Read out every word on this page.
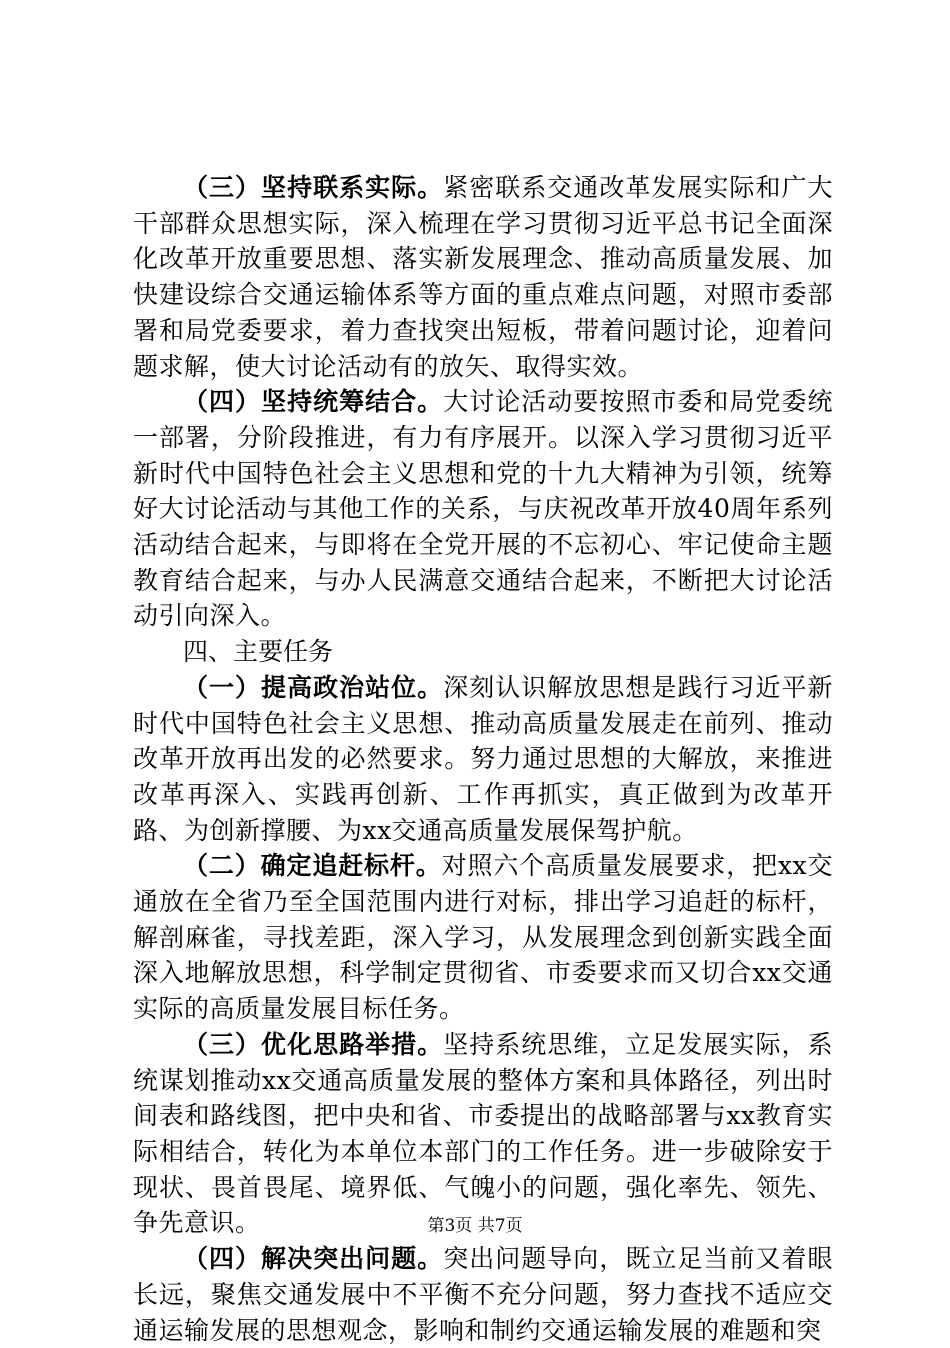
（三）坚持联系实际。紧密联系交通改革发展实际和广大干部群众思想实际，深入梳理在学习贯彻习近平总书记全面深化改革开放重要思想、落实新发展理念、推动高质量发展、加快建设综合交通运输体系等方面的重点难点问题，对照市委部署和局党委要求，着力查找突出短板，带着问题讨论，迎着问题求解，使大讨论活动有的放矢、取得实效。

（四）坚持统筹结合。大讨论活动要按照市委和局党委统一部署，分阶段推进，有力有序展开。以深入学习贯彻习近平新时代中国特色社会主义思想和党的十九大精神为引领，统筹好大讨论活动与其他工作的关系，与庆祝改革开放40周年系列活动结合起来，与即将在全党开展的不忘初心、牢记使命主题教育结合起来，与办人民满意交通结合起来，不断把大讨论活动引向深入。

四、主要任务

（一）提高政治站位。深刻认识解放思想是践行习近平新时代中国特色社会主义思想、推动高质量发展走在前列、推动改革开放再出发的必然要求。努力通过思想的大解放，来推进改革再深入、实践再创新、工作再抓实，真正做到为改革开路、为创新撑腰、为xx交通高质量发展保驾护航。

（二）确定追赶标杆。对照六个高质量发展要求，把xx交通放在全省乃至全国范围内进行对标，排出学习追赶的标杆，解剖麻雀，寻找差距，深入学习，从发展理念到创新实践全面深入地解放思想，科学制定贯彻省、市委要求而又切合xx交通实际的高质量发展目标任务。

（三）优化思路举措。坚持系统思维，立足发展实际，系统谋划推动xx交通高质量发展的整体方案和具体路径，列出时间表和路线图，把中央和省、市委提出的战略部署与xx教育实际相结合，转化为本单位本部门的工作任务。进一步破除安于现状、畏首畏尾、境界低、气魄小的问题，强化率先、领先、争先意识。

（四）解决突出问题。突出问题导向，既立足当前又着眼长远，聚焦交通发展中不平衡不充分问题，努力查找不适应交通运输发展的思想观念，影响和制约交通运输发展的难题和突

第3页 共7页
